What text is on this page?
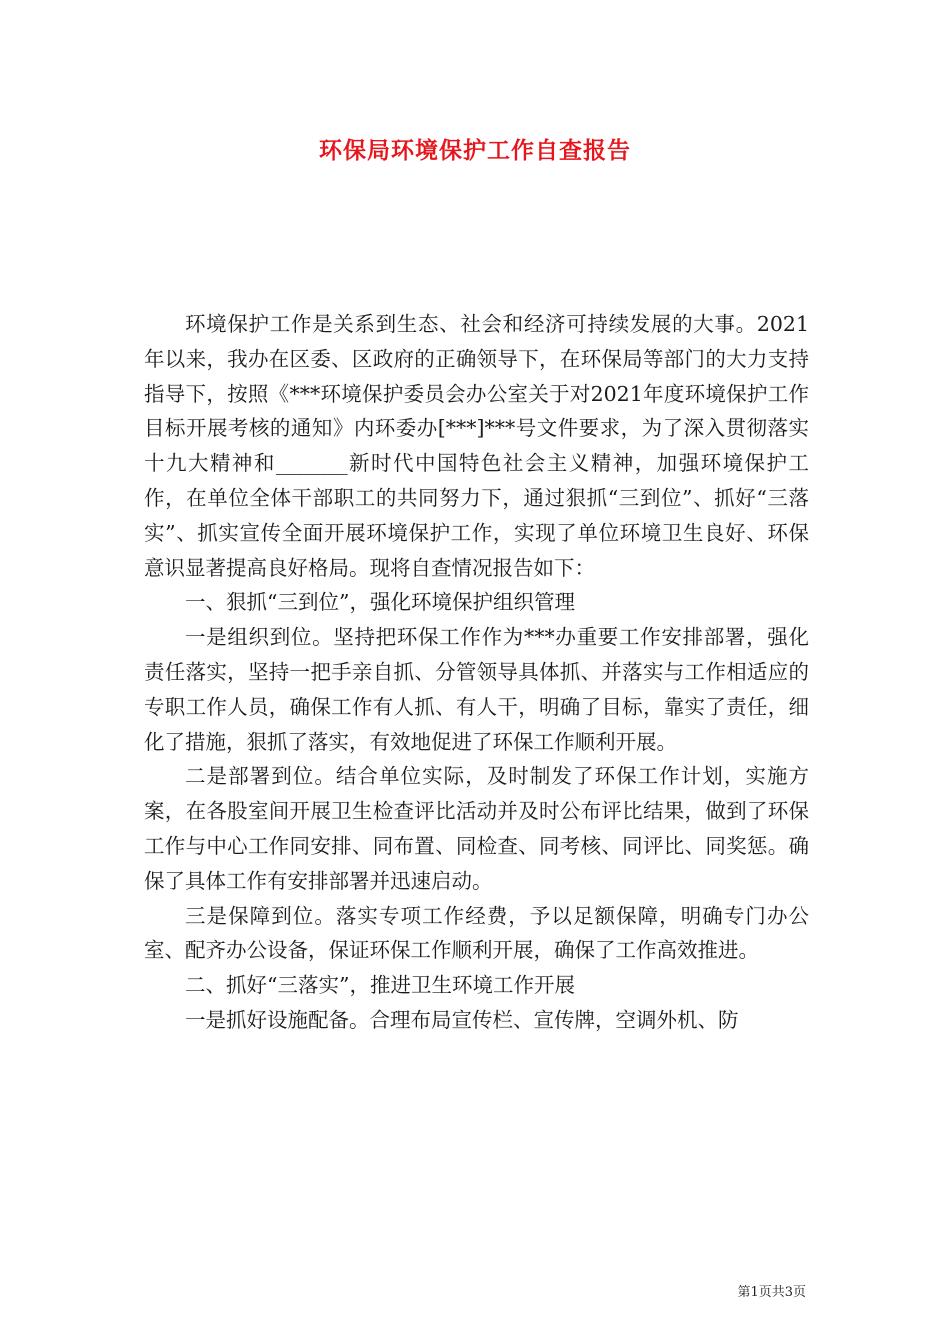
环保局环境保护工作自查报告

环境保护工作是关系到生态、社会和经济可持续发展的大事。2021年以来，我办在区委、区政府的正确领导下，在环保局等部门的大力支持指导下，按照《***环境保护委员会办公室关于对2021年度环境保护工作目标开展考核的通知》内环委办[***]***号文件要求，为了深入贯彻落实十九大精神和_______新时代中国特色社会主义精神，加强环境保护工作，在单位全体干部职工的共同努力下，通过狠抓“三到位”、抓好“三落实”、抓实宣传全面开展环境保护工作，实现了单位环境卫生良好、环保意识显著提高良好格局。现将自查情况报告如下：

一、狠抓“三到位”，强化环境保护组织管理

一是组织到位。坚持把环保工作作为***办重要工作安排部署，强化责任落实，坚持一把手亲自抓、分管领导具体抓、并落实与工作相适应的专职工作人员，确保工作有人抓、有人干，明确了目标，靠实了责任，细化了措施，狠抓了落实，有效地促进了环保工作顺利开展。

二是部署到位。结合单位实际，及时制发了环保工作计划，实施方案，在各股室间开展卫生检查评比活动并及时公布评比结果，做到了环保工作与中心工作同安排、同布置、同检查、同考核、同评比、同奖惩。确保了具体工作有安排部署并迅速启动。

三是保障到位。落实专项工作经费，予以足额保障，明确专门办公室、配齐办公设备，保证环保工作顺利开展，确保了工作高效推进。

二、抓好“三落实”，推进卫生环境工作开展

一是抓好设施配备。合理布局宣传栏、宣传牌，空调外机、防

第1页共3页
